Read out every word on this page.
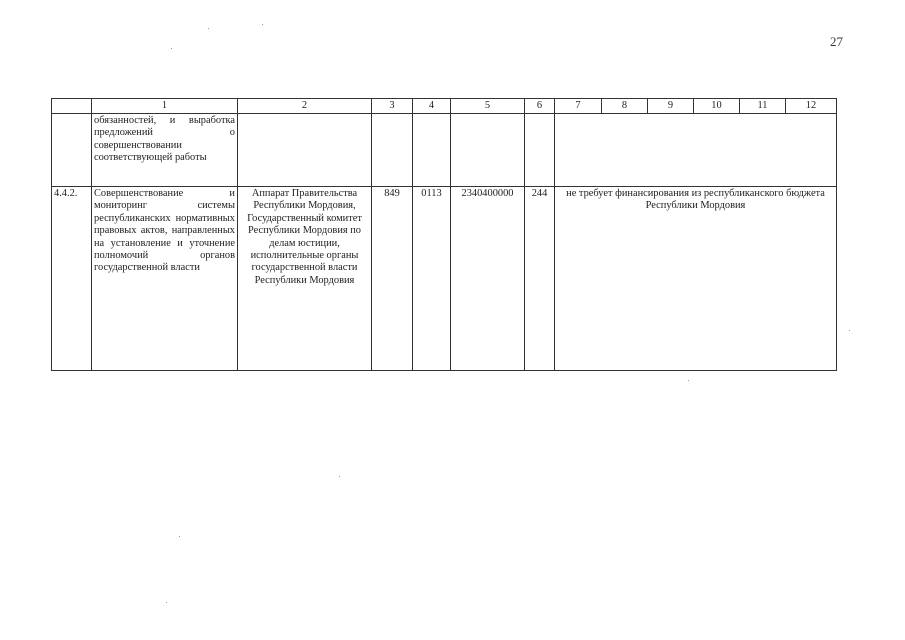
27
	1	2	3	4	5	6	7	8	9	10	11	12
	обязанностей, и выработка предложений о совершенствовании соответствующей работы											
4.4.2.	Совершенствование и мониторинг системы республиканских нормативных правовых актов, направленных на установление и уточнение полномочий органов государственной власти	Аппарат Правительства Республики Мордовия, Государственный комитет Республики Мордовия по делам юстиции, исполнительные органы государственной власти Республики Мордовия	849	0113	2340400000	244	не требует финансирования из республиканского бюджета Республики Мордовия					
